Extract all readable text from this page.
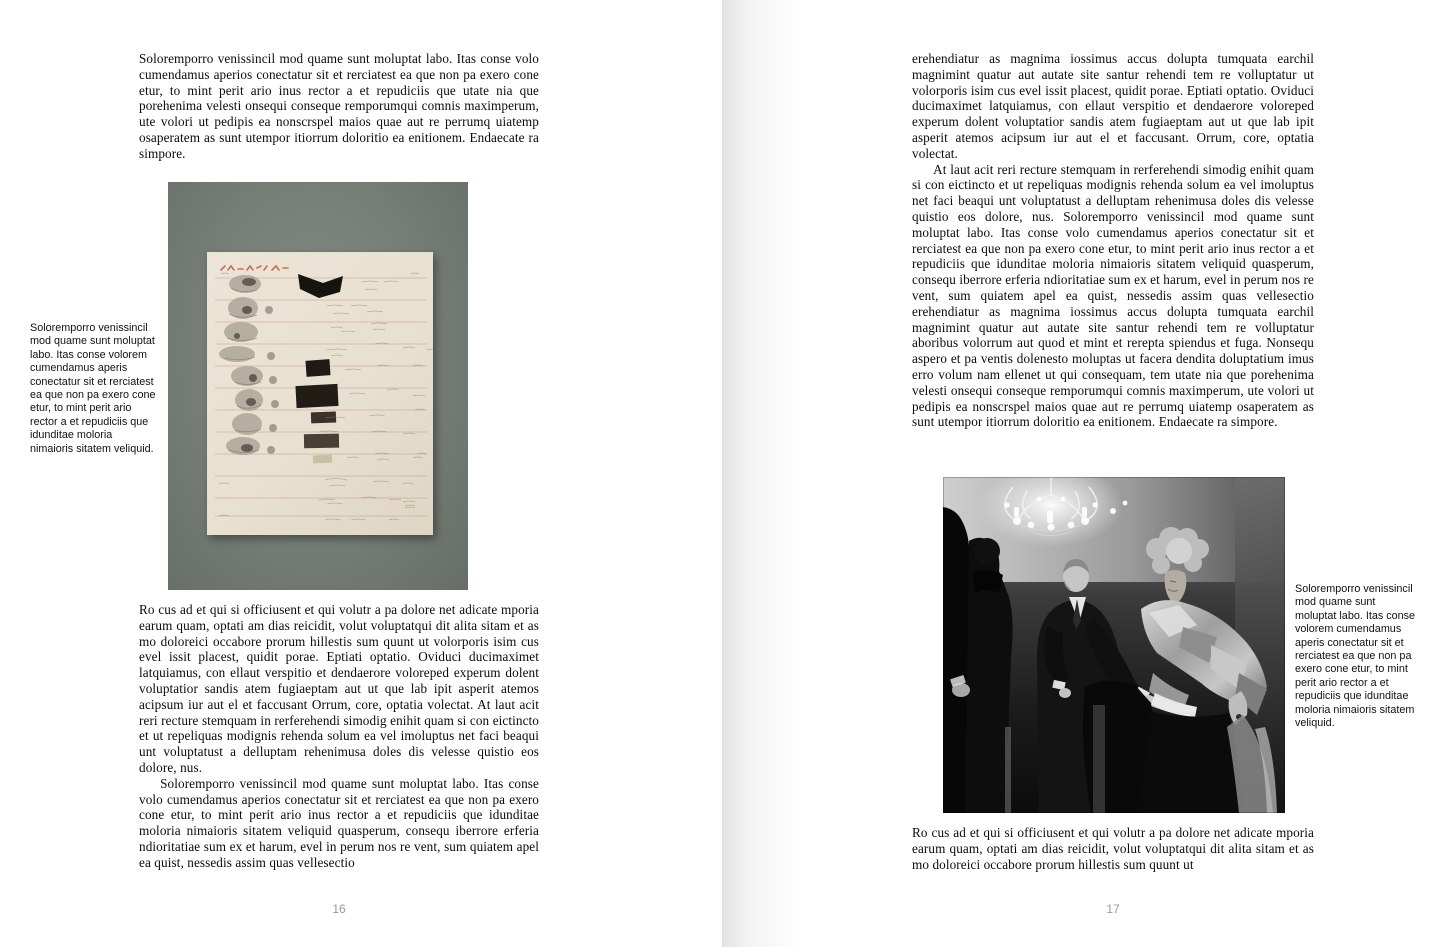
Soloremporro venissincil mod quame sunt moluptat labo. Itas conse volo cumendamus aperios conectatur sit et rerciatest ea que non pa exero cone etur, to mint perit ario inus rector a et repudiciis que utate nia que porehenima velesti onsequi conseque remporumqui comnis maximperum, ute volori ut pedipis ea nonscrspel maios quae aut re perrumq uiatemp osaperatem as sunt utempor itiorrum doloritio ea enitionem. Endaecate ra simpore.

Soloremporro venissincil mod quame sunt moluptat labo. Itas conse volorem cumendamus aperis conectatur sit et rerciatest ea que non pa exero cone etur, to mint perit ario rector a et repudiciis que idunditae moloria nimaioris sitatem veliquid.

Ro cus ad et qui si officiusent et qui volutr a pa dolore net adicate mporia earum quam, optati am dias reicidit, volut voluptatqui dit alita sitam et as mo doloreici occabore prorum hillestis sum quunt ut volorporis isim cus evel issit placest, quidit porae. Eptiati optatio. Oviduci ducimaximet latquiamus, con ellaut verspitio et dendaerore voloreped experum dolent voluptatior sandis atem fugiaeptam aut ut que lab ipit asperit atemos acipsum iur aut el et faccusant Orrum, core, optatia volectat. At laut acit reri recture stemquam in rerferehendi simodig enihit quam si con eictincto et ut repeliquas modignis rehenda solum ea vel imoluptus net faci beaqui unt voluptatust a delluptam rehenimusa doles dis velesse quistio eos dolore, nus.

Soloremporro venissincil mod quame sunt moluptat labo. Itas conse volo cumendamus aperios conectatur sit et rerciatest ea que non pa exero cone etur, to mint perit ario inus rector a et repudiciis que idunditae moloria nimaioris sitatem veliquid quasperum, consequ iberrore erferia ndioritatiae sum ex et harum, evel in perum nos re vent, sum quiatem apel ea quist, nessedis assim quas vellesectio

16

erehendiatur as magnima iossimus accus dolupta tumquata earchil magnimint quatur aut autate site santur rehendi tem re volluptatur ut volorporis isim cus evel issit placest, quidit porae. Eptiati optatio. Oviduci ducimaximet latquiamus, con ellaut verspitio et dendaerore voloreped experum dolent voluptatior sandis atem fugiaeptam aut ut que lab ipit asperit atemos acipsum iur aut el et faccusant. Orrum, core, optatia volectat.

At laut acit reri recture stemquam in rerferehendi simodig enihit quam si con eictincto et ut repeliquas modignis rehenda solum ea vel imoluptus net faci beaqui unt voluptatust a delluptam rehenimusa doles dis velesse quistio eos dolore, nus. Soloremporro venissincil mod quame sunt moluptat labo. Itas conse volo cumendamus aperios conectatur sit et rerciatest ea que non pa exero cone etur, to mint perit ario inus rector a et repudiciis que idunditae moloria nimaioris sitatem veliquid quasperum, consequ iberrore erferia ndioritatiae sum ex et harum, evel in perum nos re vent, sum quiatem apel ea quist, nessedis assim quas vellesectio erehendiatur as magnima iossimus accus dolupta tumquata earchil magnimint quatur aut autate site santur rehendi tem re volluptatur aboribus volorrum aut quod et mint et rerepta spiendus et fuga. Nonsequ aspero et pa ventis dolenesto moluptas ut facera dendita doluptatium imus erro volum nam ellenet ut qui consequam, tem utate nia que porehenima velesti onsequi conseque remporumqui comnis maximperum, ute volori ut pedipis ea nonscrspel maios quae aut re perrumq uiatemp osaperatem as sunt utempor itiorrum doloritio ea enitionem. Endaecate ra simpore.

Soloremporro venissincil mod quame sunt moluptat labo. Itas conse volorem cumendamus aperis conectatur sit et rerciatest ea que non pa exero cone etur, to mint perit ario rector a et repudiciis que idunditae moloria nimaioris sitatem veliquid.

Ro cus ad et qui si officiusent et qui volutr a pa dolore net adicate mporia earum quam, optati am dias reicidit, volut voluptatqui dit alita sitam et as mo doloreici occabore prorum hillestis sum quunt ut

17
